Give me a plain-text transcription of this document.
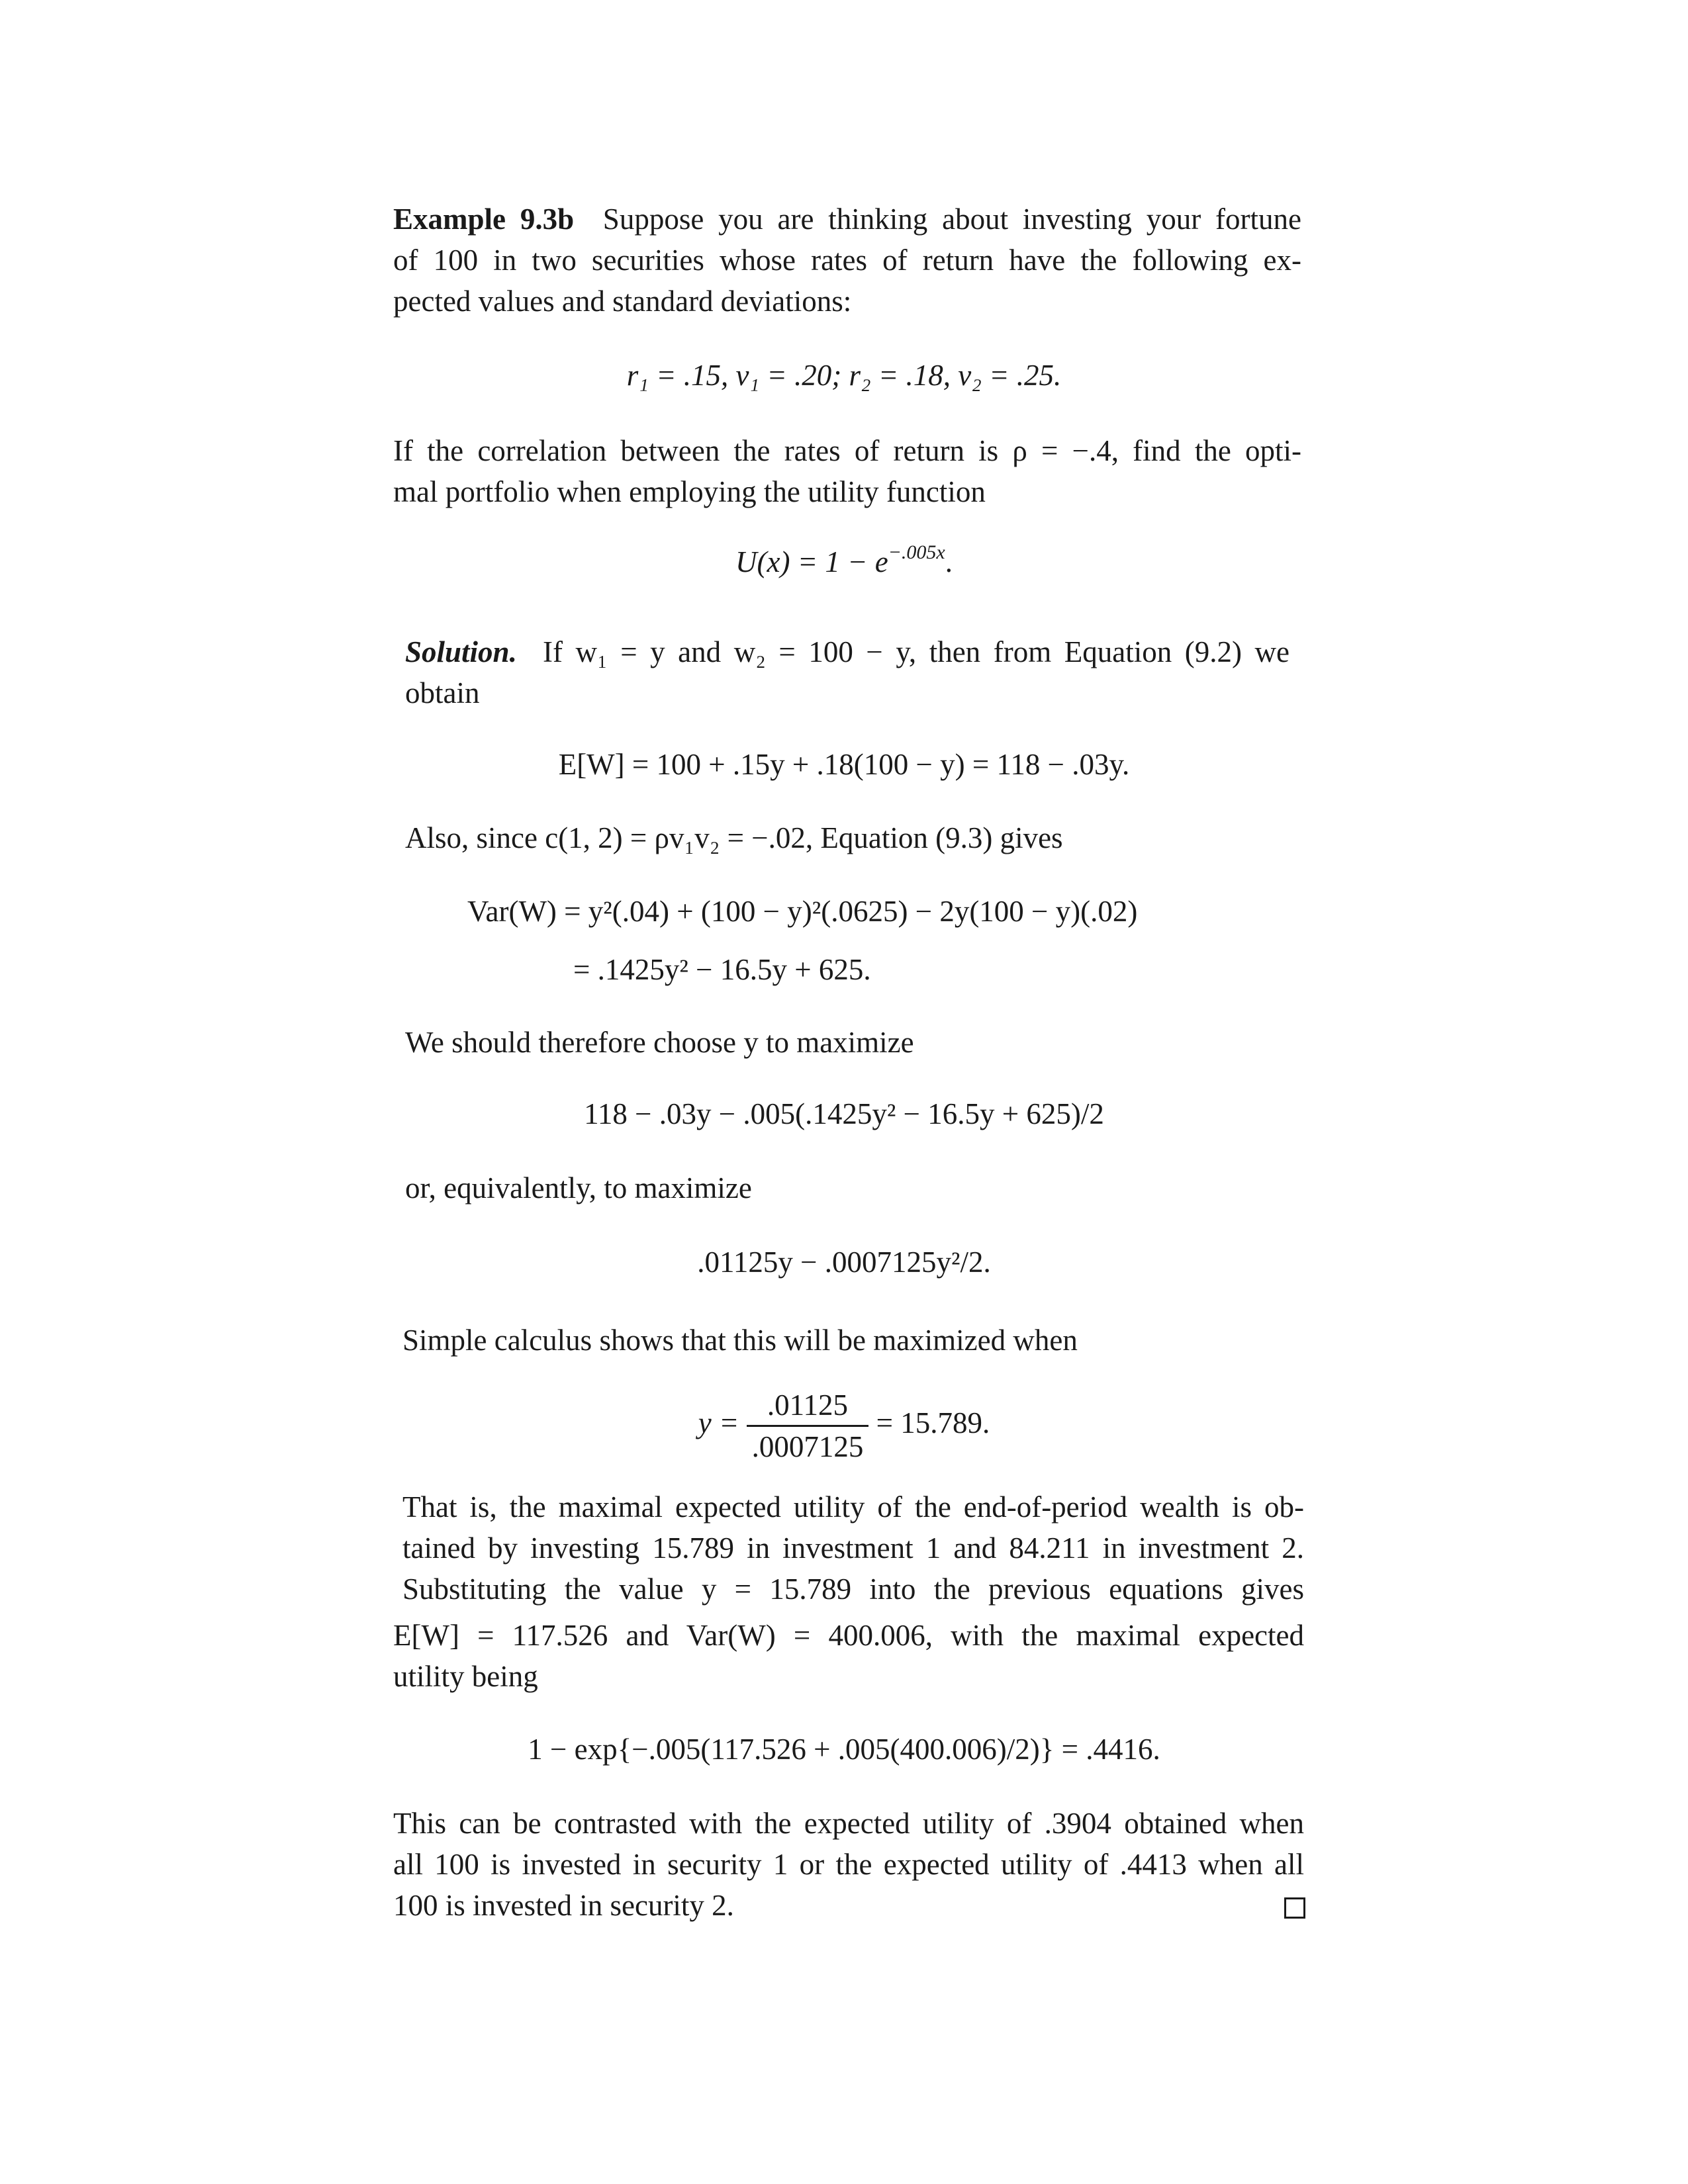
Example 9.3b Suppose you are thinking about investing your fortune
of 100 in two securities whose rates of return have the following ex-
pected values and standard deviations:
r₁ = .15, v₁ = .20; r₂ = .18, v₂ = .25.
If the correlation between the rates of return is ρ = −.4, find the opti-
mal portfolio when employing the utility function
$U(x) = 1 - e^{-.005x}$.
Solution. If w₁ = y and w₂ = 100 − y, then from Equation (9.2) we
obtain
E[W] = 100 + .15y + .18(100 − y) = 118 − .03y.
Also, since c(1, 2) = ρv₁v₂ = −.02, Equation (9.3) gives
Var(W) = y²(.04) + (100 − y)²(.0625) − 2y(100 − y)(.02)
= .1425y² − 16.5y + 625.
We should therefore choose y to maximize
118 − .03y − .005(.1425y² − 16.5y + 625)/2
or, equivalently, to maximize
.01125y − .0007125y²/2.
Simple calculus shows that this will be maximized when
$y = \frac{.01125}{.0007125} = 15.789$.
That is, the maximal expected utility of the end-of-period wealth is ob-
tained by investing 15.789 in investment 1 and 84.211 in investment 2.
Substituting the value y = 15.789 into the previous equations gives
E[W] = 117.526 and Var(W) = 400.006, with the maximal expected
utility being
1 − exp{−.005(117.526 + .005(400.006)/2)} = .4416.
This can be contrasted with the expected utility of .3904 obtained when
all 100 is invested in security 1 or the expected utility of .4413 when all
100 is invested in security 2.
